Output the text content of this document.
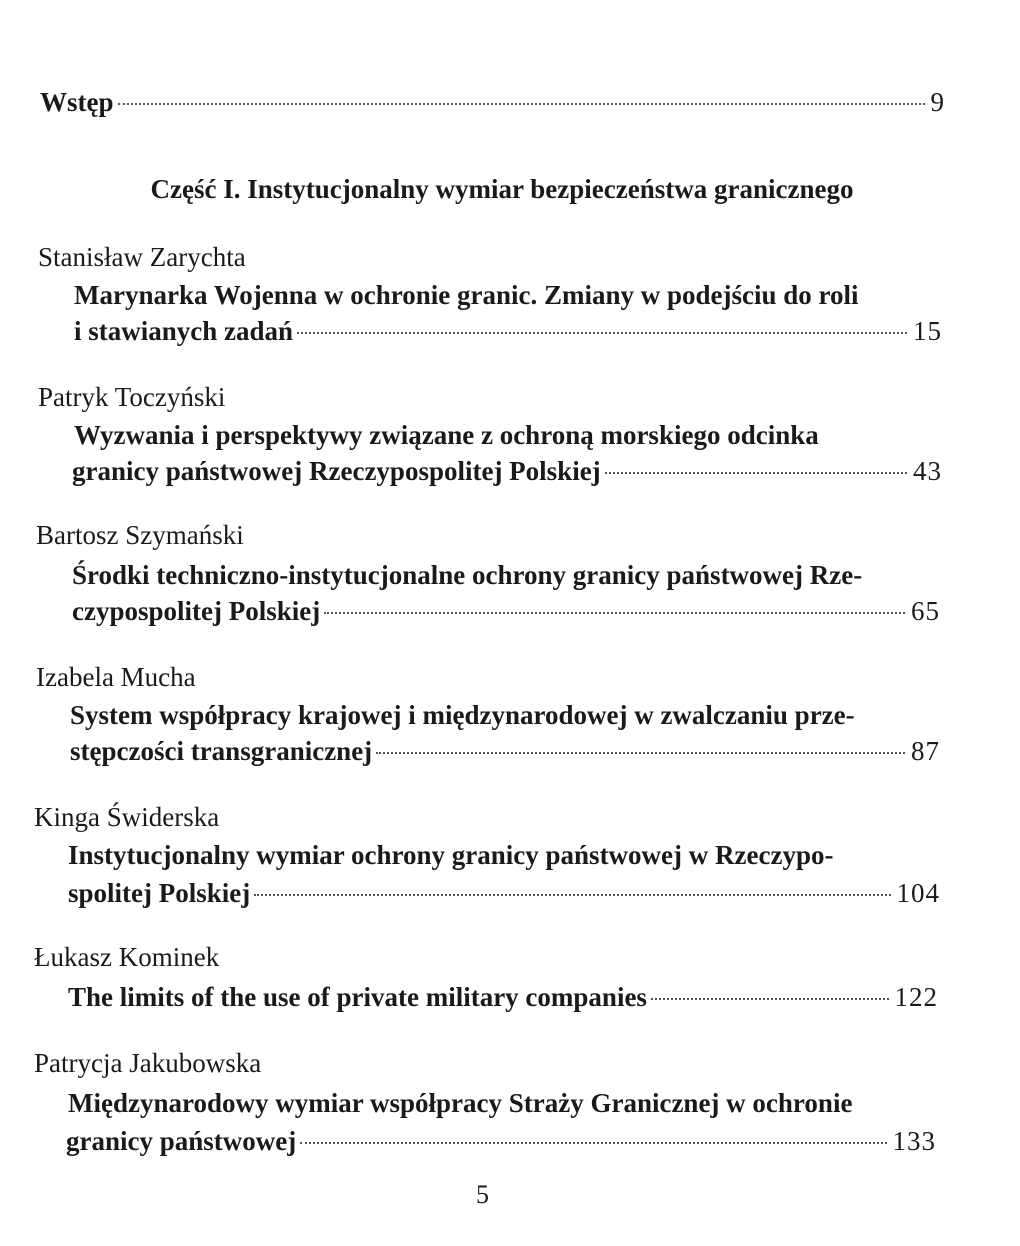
Wstęp	9
Część I. Instytucjonalny wymiar bezpieczeństwa granicznego
Stanisław Zarychta
Marynarka Wojenna w ochronie granic. Zmiany w podejściu do roli
i stawianych zadań	15
Patryk Toczyński
Wyzwania i perspektywy związane z ochroną morskiego odcinka
granicy państwowej Rzeczypospolitej Polskiej	43
Bartosz Szymański
Środki techniczno-instytucjonalne ochrony granicy państwowej Rze-
czypospolitej Polskiej	65
Izabela Mucha
System współpracy krajowej i międzynarodowej w zwalczaniu prze-
stępczości transgranicznej	87
Kinga Świderska
Instytucjonalny wymiar ochrony granicy państwowej w Rzeczypo-
spolitej Polskiej	104
Łukasz Kominek
The limits of the use of private military companies	122
Patrycja Jakubowska
Międzynarodowy wymiar współpracy Straży Granicznej w ochronie
granicy państwowej	133
5
